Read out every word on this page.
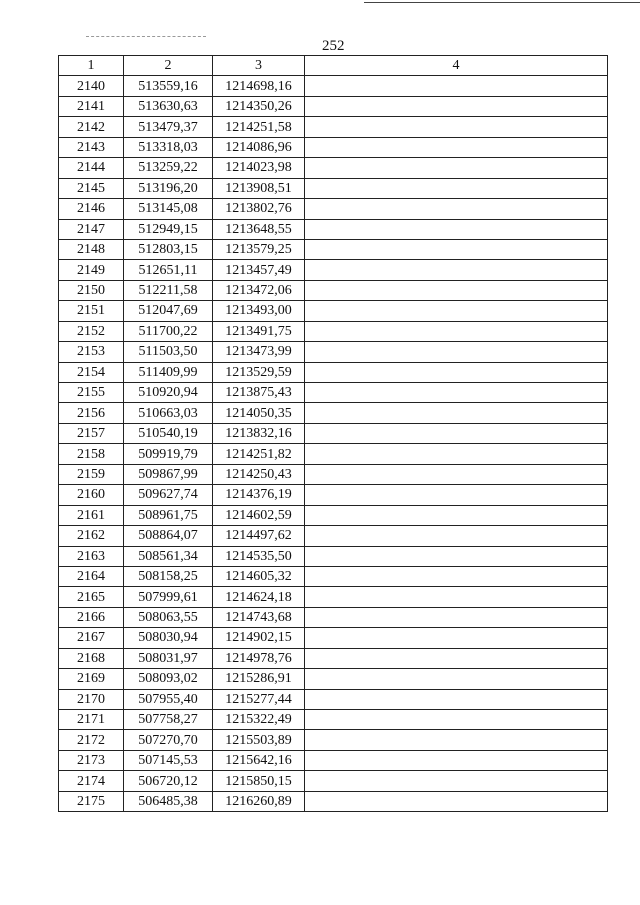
252
1	2	3	4
2140	513559,16	1214698,16	
2141	513630,63	1214350,26	
2142	513479,37	1214251,58	
2143	513318,03	1214086,96	
2144	513259,22	1214023,98	
2145	513196,20	1213908,51	
2146	513145,08	1213802,76	
2147	512949,15	1213648,55	
2148	512803,15	1213579,25	
2149	512651,11	1213457,49	
2150	512211,58	1213472,06	
2151	512047,69	1213493,00	
2152	511700,22	1213491,75	
2153	511503,50	1213473,99	
2154	511409,99	1213529,59	
2155	510920,94	1213875,43	
2156	510663,03	1214050,35	
2157	510540,19	1213832,16	
2158	509919,79	1214251,82	
2159	509867,99	1214250,43	
2160	509627,74	1214376,19	
2161	508961,75	1214602,59	
2162	508864,07	1214497,62	
2163	508561,34	1214535,50	
2164	508158,25	1214605,32	
2165	507999,61	1214624,18	
2166	508063,55	1214743,68	
2167	508030,94	1214902,15	
2168	508031,97	1214978,76	
2169	508093,02	1215286,91	
2170	507955,40	1215277,44	
2171	507758,27	1215322,49	
2172	507270,70	1215503,89	
2173	507145,53	1215642,16	
2174	506720,12	1215850,15	
2175	506485,38	1216260,89	
